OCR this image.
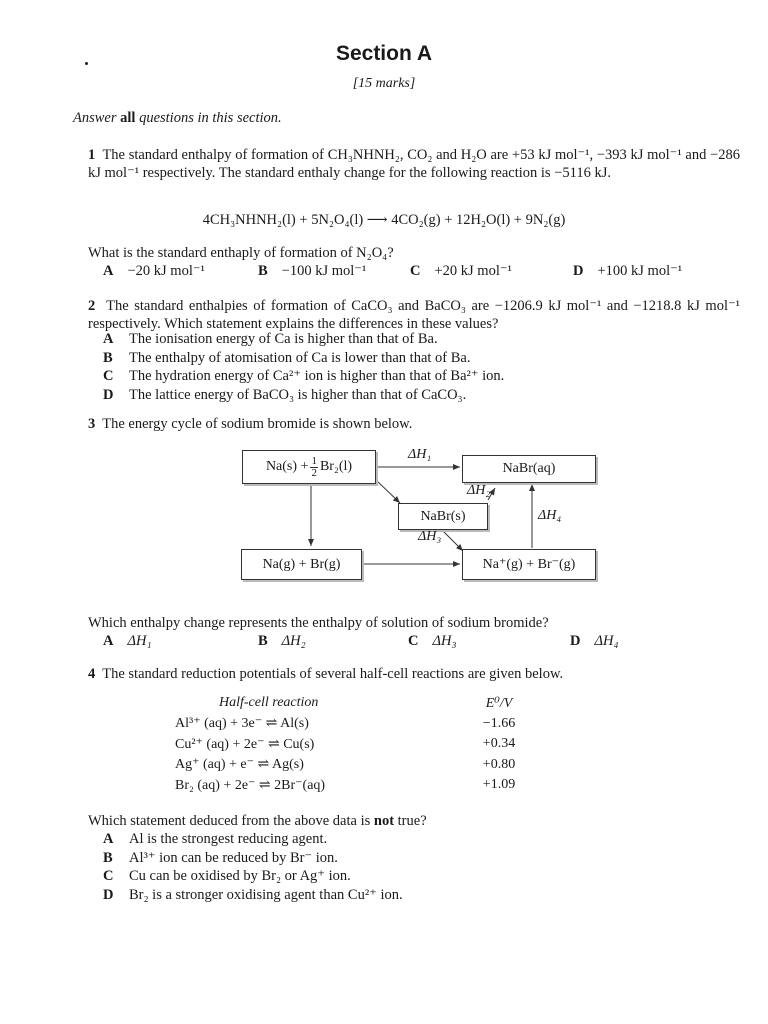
Section A
[15 marks]
Answer all questions in this section.
1 The standard enthalpy of formation of CH₃NHNH₂, CO₂ and H₂O are +53 kJ mol⁻¹, −393 kJ mol⁻¹ and −286 kJ mol⁻¹ respectively. The standard enthaly change for the following reaction is −5116 kJ.
4CH₃NHNH₂(l) + 5N₂O₄(l) ⟶ 4CO₂(g) + 12H₂O(l) + 9N₂(g)
What is the standard enthaply of formation of N₂O₄?
A −20 kJ mol⁻¹	B −100 kJ mol⁻¹	C +20 kJ mol⁻¹	D +100 kJ mol⁻¹
2 The standard enthalpies of formation of CaCO₃ and BaCO₃ are −1206.9 kJ mol⁻¹ and −1218.8 kJ mol⁻¹ respectively. Which statement explains the differences in these values?
A The ionisation energy of Ca is higher than that of Ba.
B The enthalpy of atomisation of Ca is lower than that of Ba.
C The hydration energy of Ca²⁺ ion is higher than that of Ba²⁺ ion.
D The lattice energy of BaCO₃ is higher than that of CaCO₃.
3 The energy cycle of sodium bromide is shown below.
$Na(s) + \frac{1}{2} Br_2(l)$	NaBr(aq)
NaBr(s)
Na(g) + Br(g)	Na⁺(g) + Br⁻(g)
ΔH₁
ΔH₂
ΔH₃
ΔH₄
Which enthalpy change represents the enthalpy of solution of sodium bromide?
A ΔH₁	B ΔH₂	C ΔH₃	D ΔH₄
4 The standard reduction potentials of several half-cell reactions are given below.
Half-cell reaction	E⁰/V
Al³⁺ (aq) + 3e⁻ ⇌ Al(s)	−1.66
Cu²⁺ (aq) + 2e⁻ ⇌ Cu(s)	+0.34
Ag⁺ (aq) + e⁻ ⇌ Ag(s)	+0.80
Br₂ (aq) + 2e⁻ ⇌ 2Br⁻(aq)	+1.09
Which statement deduced from the above data is not true?
A Al is the strongest reducing agent.
B Al³⁺ ion can be reduced by Br⁻ ion.
C Cu can be oxidised by Br₂ or Ag⁺ ion.
D Br₂ is a stronger oxidising agent than Cu²⁺ ion.
